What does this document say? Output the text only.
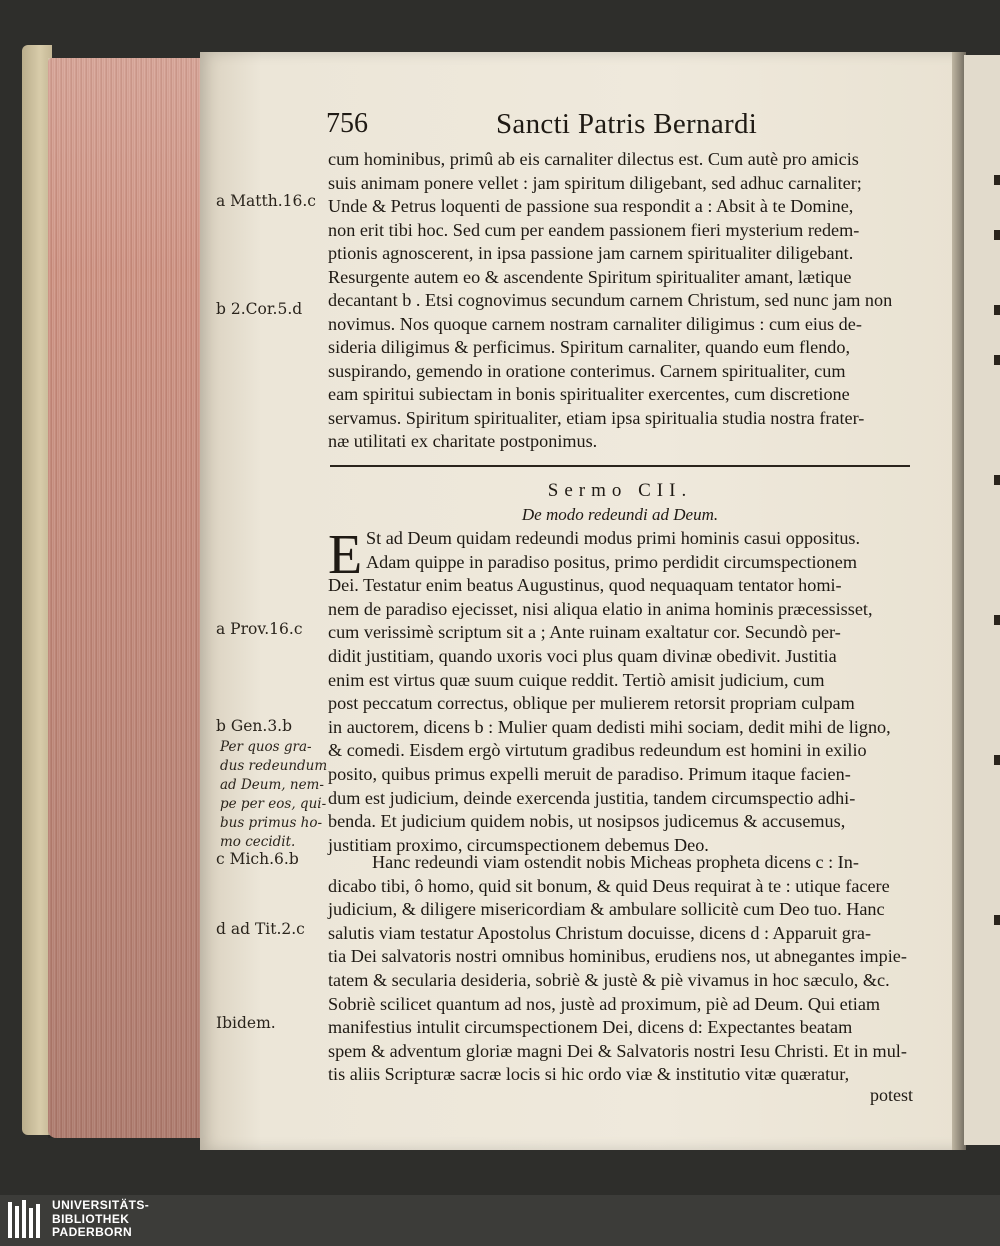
756	Sancti Patris Bernardi
cum hominibus, primû ab eis carnaliter dilectus est. Cum autè pro amicis
suis animam ponere vellet : jam spiritum diligebant, sed adhuc carnaliter;
Unde & Petrus loquenti de passione sua respondit a : Absit à te Domine,
non erit tibi hoc. Sed cum per eandem passionem fieri mysterium redem-
ptionis agnoscerent, in ipsa passione jam carnem spiritualiter diligebant.
Resurgente autem eo & ascendente Spiritum spiritualiter amant, lætique
decantant b . Etsi cognovimus secundum carnem Christum, sed nunc jam non
novimus. Nos quoque carnem nostram carnaliter diligimus : cum eius de-
sideria diligimus & perficimus. Spiritum carnaliter, quando eum flendo,
suspirando, gemendo in oratione conterimus. Carnem spiritualiter, cum
eam spiritui subiectam in bonis spiritualiter exercentes, cum discretione
servamus. Spiritum spiritualiter, etiam ipsa spiritualia studia nostra frater-
næ utilitati ex charitate postponimus.
Sermo CII.
De modo redeundi ad Deum.
E St ad Deum quidam redeundi modus primi hominis casui oppositus.
Adam quippe in paradiso positus, primo perdidit circumspectionem
Dei. Testatur enim beatus Augustinus, quod nequaquam tentator homi-
nem de paradiso ejecisset, nisi aliqua elatio in anima hominis præcessisset,
cum verissimè scriptum sit a ; Ante ruinam exaltatur cor. Secundò per-
didit justitiam, quando uxoris voci plus quam divinæ obedivit. Justitia
enim est virtus quæ suum cuique reddit. Tertiò amisit judicium, cum
post peccatum correctus, oblique per mulierem retorsit propriam culpam
in auctorem, dicens b : Mulier quam dedisti mihi sociam, dedit mihi de ligno,
& comedi. Eisdem ergò virtutum gradibus redeundum est homini in exilio
posito, quibus primus expelli meruit de paradiso. Primum itaque facien-
dum est judicium, deinde exercenda justitia, tandem circumspectio adhi-
benda. Et judicium quidem nobis, ut nosipsos judicemus & accusemus,
justitiam proximo, circumspectionem debemus Deo.
Hanc redeundi viam ostendit nobis Micheas propheta dicens c : In-
dicabo tibi, ô homo, quid sit bonum, & quid Deus requirat à te : utique facere
judicium, & diligere misericordiam & ambulare sollicitè cum Deo tuo. Hanc
salutis viam testatur Apostolus Christum docuisse, dicens d : Apparuit gra-
tia Dei salvatoris nostri omnibus hominibus, erudiens nos, ut abnegantes impie-
tatem & secularia desideria, sobriè & justè & piè vivamus in hoc sæculo, &c.
Sobriè scilicet quantum ad nos, justè ad proximum, piè ad Deum. Qui etiam
manifestius intulit circumspectionem Dei, dicens d: Expectantes beatam
spem & adventum gloriæ magni Dei & Salvatoris nostri Iesu Christi. Et in mul-
tis aliis Scripturæ sacræ locis si hic ordo viæ & institutio vitæ quæratur,
potest
a Matth.16.c
b 2.Cor.5.d
a Prov.16.c
b Gen.3.b
Per quos gra-
dus redeundum
ad Deum, nem-
pe per eos, qui-
bus primus ho-
mo cecidit.
c Mich.6.b
d ad Tit.2.c
Ibidem.
UNIVERSITÄTS-
BIBLIOTHEK
PADERBORN
